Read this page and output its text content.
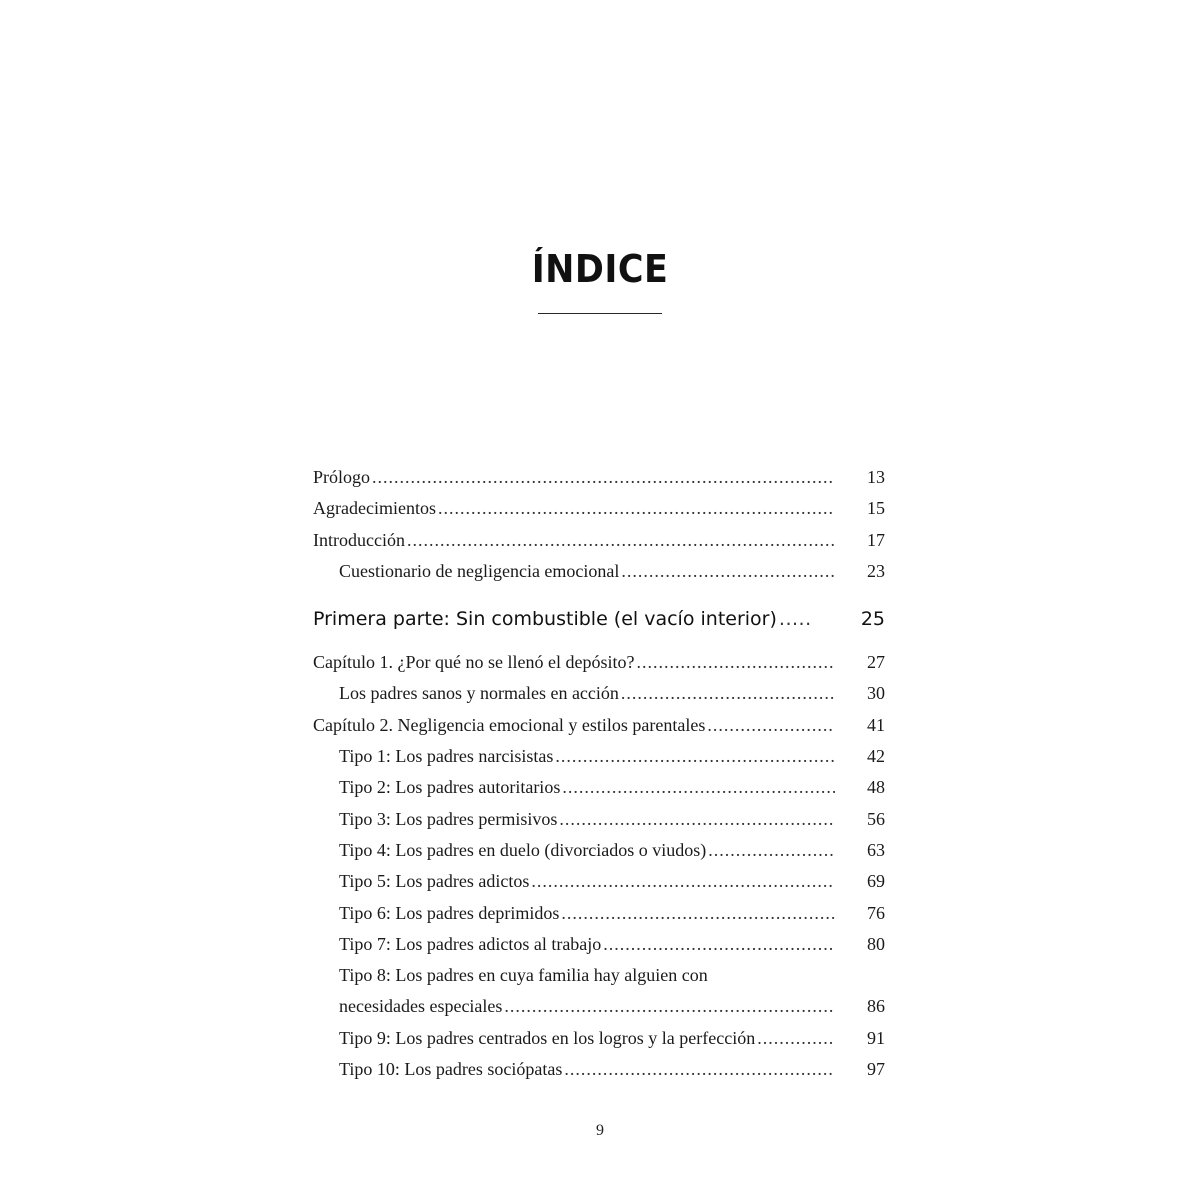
ÍNDICE
Prólogo .....	13
Agradecimientos .....	15
Introducción .....	17
Cuestionario de negligencia emocional .....	23
Primera parte: Sin combustible (el vacío interior) .....	25
Capítulo 1. ¿Por qué no se llenó el depósito? .....	27
Los padres sanos y normales en acción .....	30
Capítulo 2. Negligencia emocional y estilos parentales .....	41
Tipo 1: Los padres narcisistas .....	42
Tipo 2: Los padres autoritarios .....	48
Tipo 3: Los padres permisivos .....	56
Tipo 4: Los padres en duelo (divorciados o viudos) .....	63
Tipo 5: Los padres adictos .....	69
Tipo 6: Los padres deprimidos .....	76
Tipo 7: Los padres adictos al trabajo .....	80
Tipo 8: Los padres en cuya familia hay alguien con
necesidades especiales .....	86
Tipo 9: Los padres centrados en los logros y la perfección .....	91
Tipo 10: Los padres sociópatas .....	97
9
